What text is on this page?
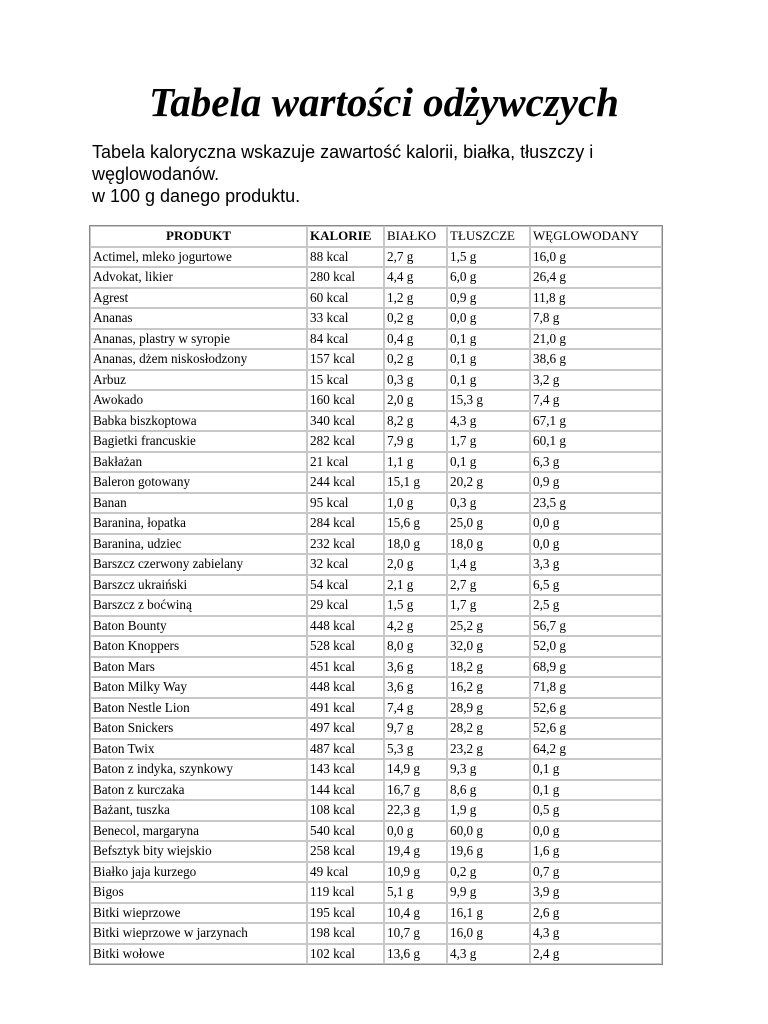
Tabela wartości odżywczych
Tabela kaloryczna wskazuje zawartość kalorii, białka, tłuszczy i węglowodanów.
w 100 g danego produktu.
PRODUKT	KALORIE	BIAŁKO	TŁUSZCZE	WĘGLOWODANY
Actimel, mleko jogurtowe	88 kcal	2,7 g	1,5 g	16,0 g
Advokat, likier	280 kcal	4,4 g	6,0 g	26,4 g
Agrest	60 kcal	1,2 g	0,9 g	11,8 g
Ananas	33 kcal	0,2 g	0,0 g	7,8 g
Ananas, plastry w syropie	84 kcal	0,4 g	0,1 g	21,0 g
Ananas, dżem niskosłodzony	157 kcal	0,2 g	0,1 g	38,6 g
Arbuz	15 kcal	0,3 g	0,1 g	3,2 g
Awokado	160 kcal	2,0 g	15,3 g	7,4 g
Babka biszkoptowa	340 kcal	8,2 g	4,3 g	67,1 g
Bagietki francuskie	282 kcal	7,9 g	1,7 g	60,1 g
Bakłażan	21 kcal	1,1 g	0,1 g	6,3 g
Baleron gotowany	244 kcal	15,1 g	20,2 g	0,9 g
Banan	95 kcal	1,0 g	0,3 g	23,5 g
Baranina, łopatka	284 kcal	15,6 g	25,0 g	0,0 g
Baranina, udziec	232 kcal	18,0 g	18,0 g	0,0 g
Barszcz czerwony zabielany	32 kcal	2,0 g	1,4 g	3,3 g
Barszcz ukraiński	54 kcal	2,1 g	2,7 g	6,5 g
Barszcz z boćwiną	29 kcal	1,5 g	1,7 g	2,5 g
Baton Bounty	448 kcal	4,2 g	25,2 g	56,7 g
Baton Knoppers	528 kcal	8,0 g	32,0 g	52,0 g
Baton Mars	451 kcal	3,6 g	18,2 g	68,9 g
Baton Milky Way	448 kcal	3,6 g	16,2 g	71,8 g
Baton Nestle Lion	491 kcal	7,4 g	28,9 g	52,6 g
Baton Snickers	497 kcal	9,7 g	28,2 g	52,6 g
Baton Twix	487 kcal	5,3 g	23,2 g	64,2 g
Baton z indyka, szynkowy	143 kcal	14,9 g	9,3 g	0,1 g
Baton z kurczaka	144 kcal	16,7 g	8,6 g	0,1 g
Bażant, tuszka	108 kcal	22,3 g	1,9 g	0,5 g
Benecol, margaryna	540 kcal	0,0 g	60,0 g	0,0 g
Befsztyk bity wiejskio	258 kcal	19,4 g	19,6 g	1,6 g
Białko jaja kurzego	49 kcal	10,9 g	0,2 g	0,7 g
Bigos	119 kcal	5,1 g	9,9 g	3,9 g
Bitki wieprzowe	195 kcal	10,4 g	16,1 g	2,6 g
Bitki wieprzowe w jarzynach	198 kcal	10,7 g	16,0 g	4,3 g
Bitki wołowe	102 kcal	13,6 g	4,3 g	2,4 g
